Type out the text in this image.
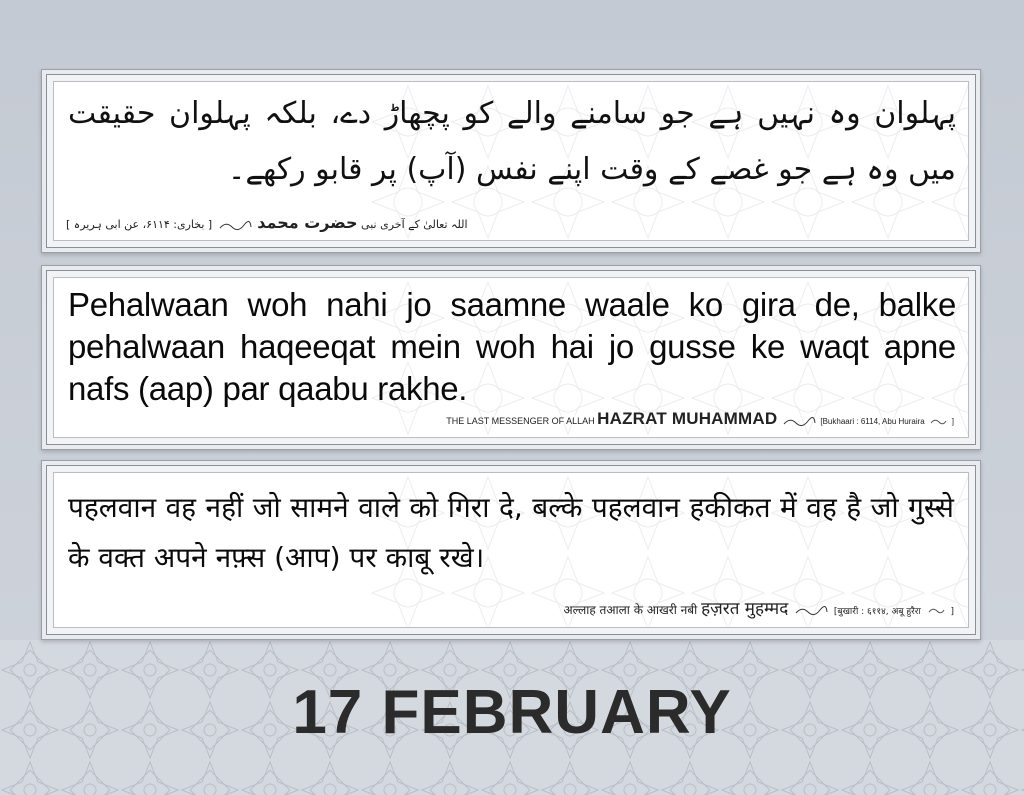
پہلوان وہ نہیں ہے جو سامنے والے کو پچھاڑ دے، بلکہ پہلوان حقیقت میں وہ ہے جو غصے کے وقت اپنے نفس (آپ) پر قابو رکھے۔
اللہ تعالیٰ کے آخری نبی حضرت محمد  [ بخاری: ۶۱۱۴، عن ابی ہریرہ ]
Pehalwaan woh nahi jo saamne waale ko gira de, balke pehalwaan haqeeqat mein woh hai jo gusse ke waqt apne nafs (aap) par qaabu rakhe.
THE LAST MESSENGER OF ALLAH HAZRAT MUHAMMAD	[Bukhaari : 6114, Abu Huraira	]
पहलवान वह नहीं जो सामने वाले को गिरा दे, बल्के पहलवान हकीकत में वह है जो गुस्से के वक्त अपने नफ़्स (आप) पर काबू रखे।
अल्लाह तआला के आखरी नबी हज़रत मुहम्मद	[बुखारी : ६११४, अबू हुरैरा	]
17 FEBRUARY
